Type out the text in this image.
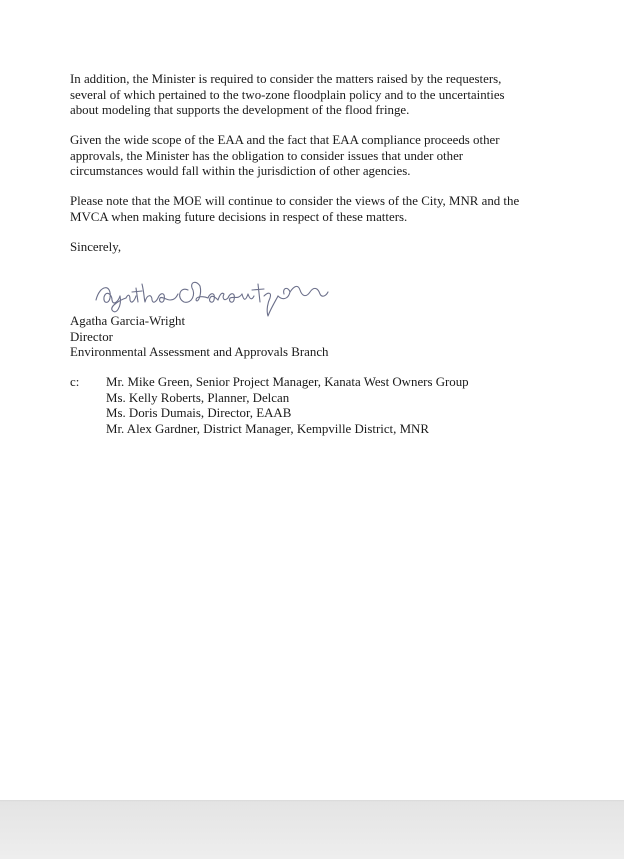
In addition, the Minister is required to consider the matters raised by the requesters,
several of which pertained to the two-zone floodplain policy and to the uncertainties
about modeling that supports the development of the flood fringe.
Given the wide scope of the EAA and the fact that EAA compliance proceeds other
approvals, the Minister has the obligation to consider issues that under other
circumstances would fall within the jurisdiction of other agencies.
Please note that the MOE will continue to consider the views of the City, MNR and the
MVCA when making future decisions in respect of these matters.

Sincerely,

Agatha Garcia-Wright
Director
Environmental Assessment and Approvals Branch

c: Mr. Mike Green, Senior Project Manager, Kanata West Owners Group
Ms. Kelly Roberts, Planner, Delcan
Ms. Doris Dumais, Director, EAAB
Mr. Alex Gardner, District Manager, Kempville District, MNR
